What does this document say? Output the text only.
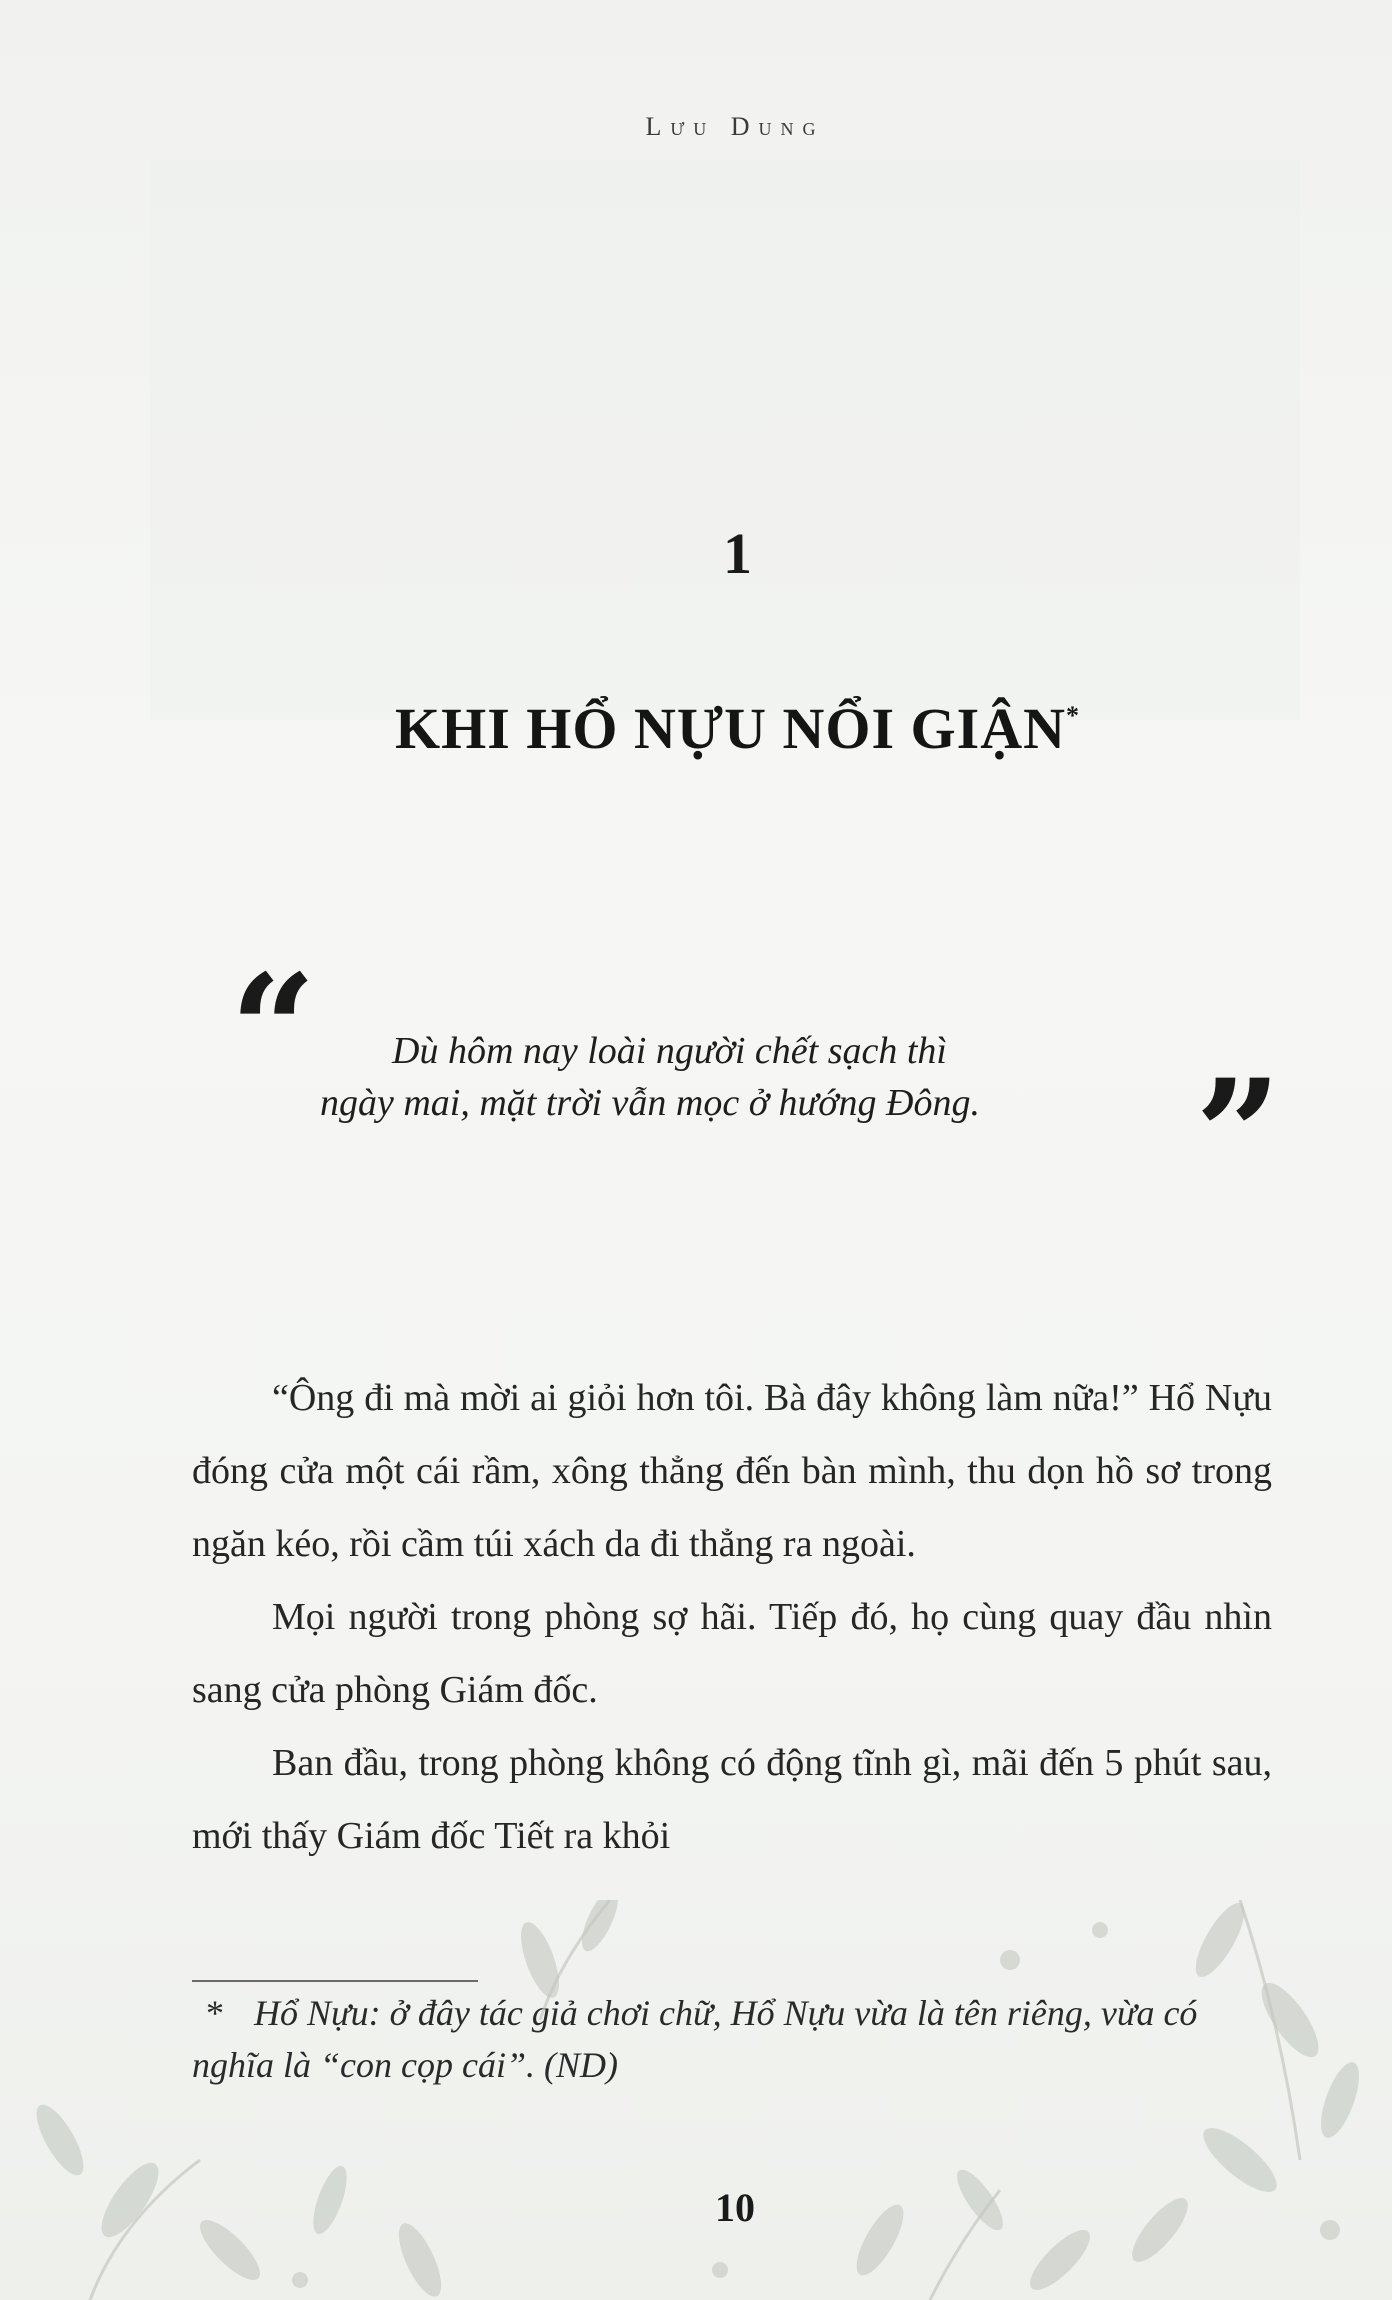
Lưu Dung
1
KHI HỔ NỰU NỔI GIẬN*
“	Dù hôm nay loài người chết sạch thì
ngày mai, mặt trời vẫn mọc ở hướng Đông.	”

“Ông đi mà mời ai giỏi hơn tôi. Bà đây không làm nữa!” Hổ Nựu đóng cửa một cái rầm, xông thẳng đến bàn mình, thu dọn hồ sơ trong ngăn kéo, rồi cầm túi xách da đi thẳng ra ngoài.

Mọi người trong phòng sợ hãi. Tiếp đó, họ cùng quay đầu nhìn sang cửa phòng Giám đốc.

Ban đầu, trong phòng không có động tĩnh gì, mãi đến 5 phút sau, mới thấy Giám đốc Tiết ra khỏi

* Hổ Nựu: ở đây tác giả chơi chữ, Hổ Nựu vừa là tên riêng, vừa có nghĩa là “con cọp cái”. (ND)
10
